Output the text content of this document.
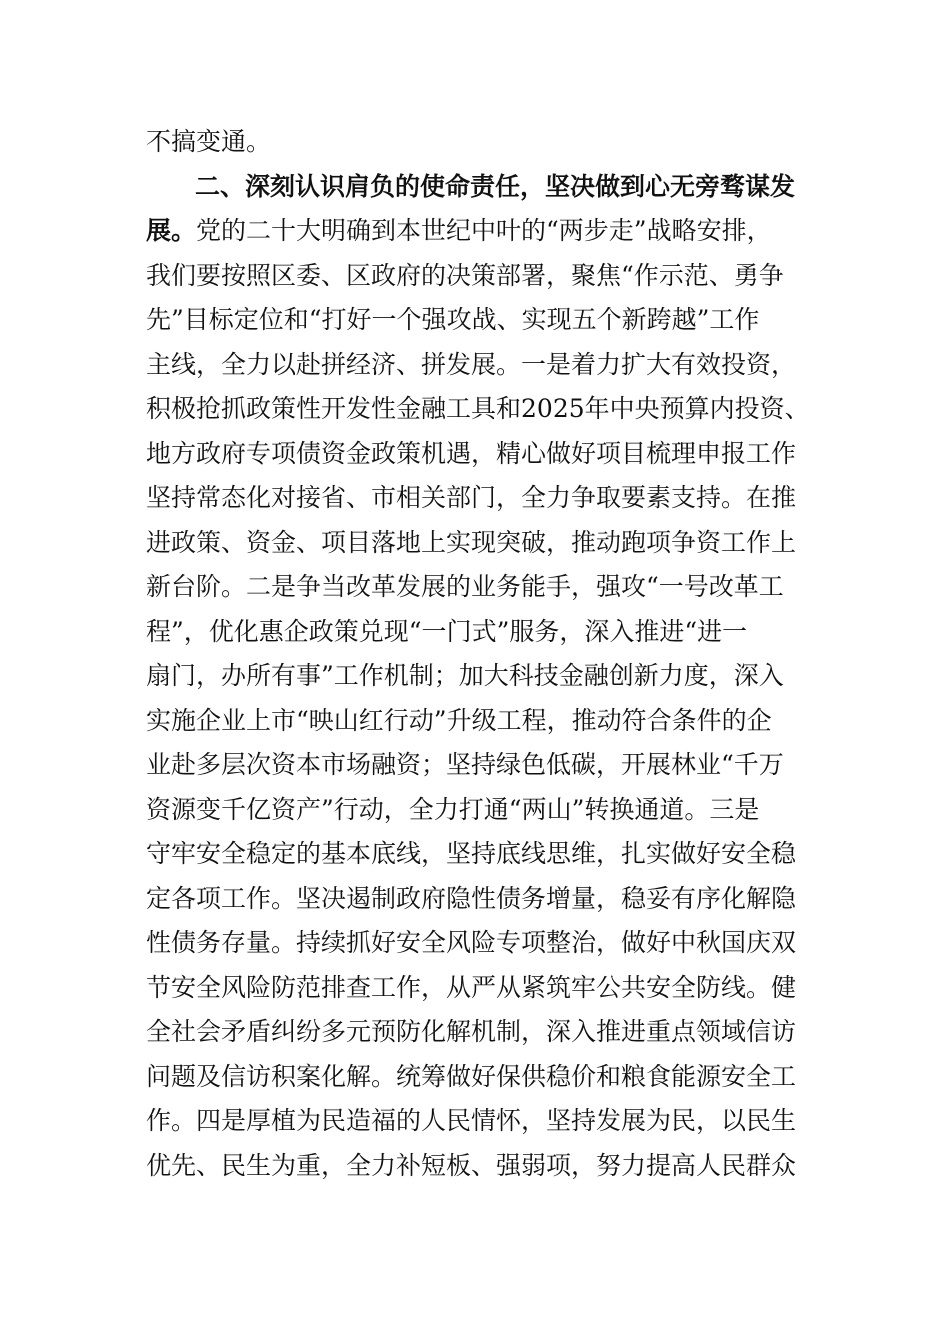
不搞变通。
二、深刻认识肩负的使命责任，坚决做到心无旁骛谋发
展。党的二十大明确到本世纪中叶的“两步走”战略安排，
我们要按照区委、区政府的决策部署，聚焦“作示范、勇争
先”目标定位和“打好一个强攻战、实现五个新跨越”工作
主线，全力以赴拼经济、拼发展。一是着力扩大有效投资，
积极抢抓政策性开发性金融工具和2025年中央预算内投资、
地方政府专项债资金政策机遇，精心做好项目梳理申报工作
坚持常态化对接省、市相关部门，全力争取要素支持。在推
进政策、资金、项目落地上实现突破，推动跑项争资工作上
新台阶。二是争当改革发展的业务能手，强攻“一号改革工
程”，优化惠企政策兑现“一门式”服务，深入推进“进一
扇门，办所有事”工作机制；加大科技金融创新力度，深入
实施企业上市“映山红行动”升级工程，推动符合条件的企
业赴多层次资本市场融资；坚持绿色低碳，开展林业“千万
资源变千亿资产”行动，全力打通“两山”转换通道。三是
守牢安全稳定的基本底线，坚持底线思维，扎实做好安全稳
定各项工作。坚决遏制政府隐性债务增量，稳妥有序化解隐
性债务存量。持续抓好安全风险专项整治，做好中秋国庆双
节安全风险防范排查工作，从严从紧筑牢公共安全防线。健
全社会矛盾纠纷多元预防化解机制，深入推进重点领域信访
问题及信访积案化解。统筹做好保供稳价和粮食能源安全工
作。四是厚植为民造福的人民情怀，坚持发展为民，以民生
优先、民生为重，全力补短板、强弱项，努力提高人民群众
